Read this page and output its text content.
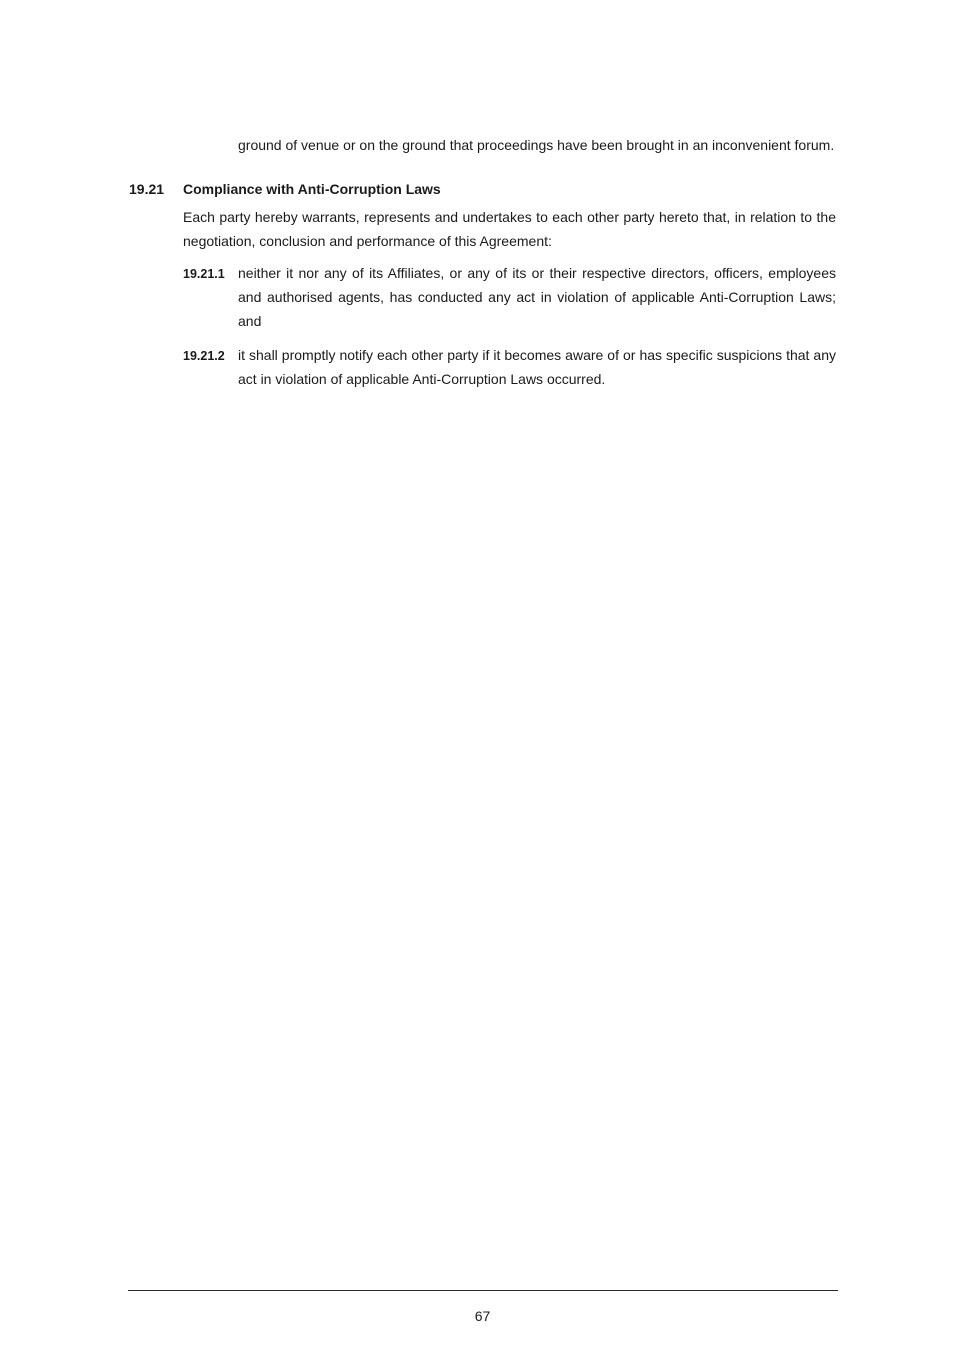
ground of venue or on the ground that proceedings have been brought in an inconvenient forum.

19.21	Compliance with Anti-Corruption Laws

Each party hereby warrants, represents and undertakes to each other party hereto that, in relation to the negotiation, conclusion and performance of this Agreement:

19.21.1 neither it nor any of its Affiliates, or any of its or their respective directors, officers, employees and authorised agents, has conducted any act in violation of applicable Anti-Corruption Laws; and

19.21.2 it shall promptly notify each other party if it becomes aware of or has specific suspicions that any act in violation of applicable Anti-Corruption Laws occurred.

67
